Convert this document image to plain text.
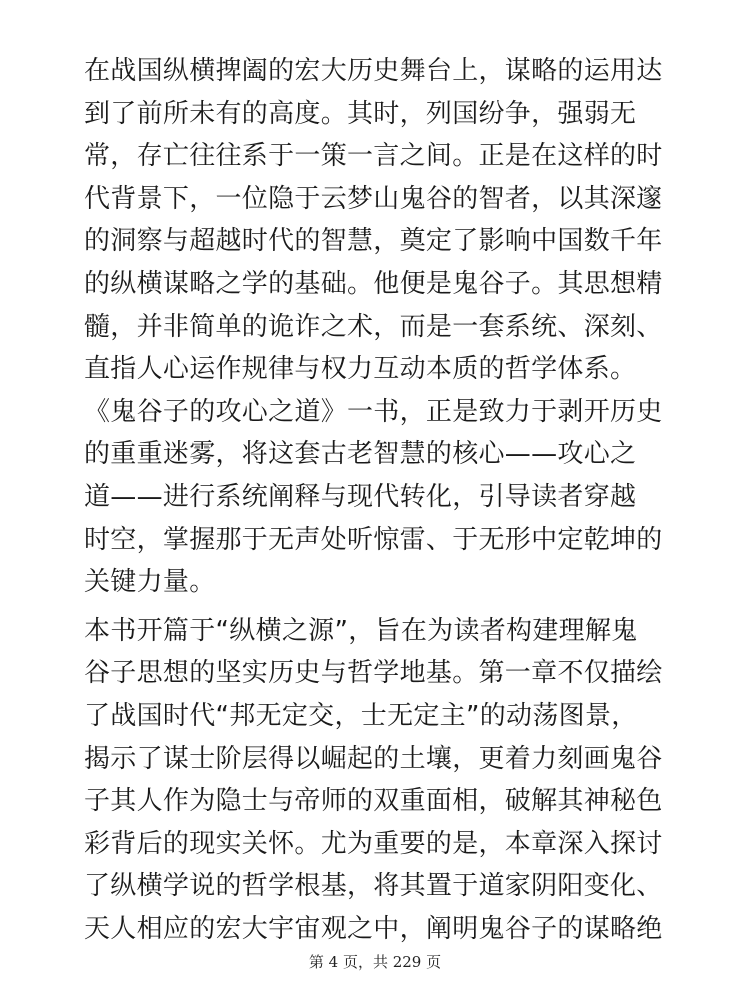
在战国纵横捭阖的宏大历史舞台上，谋略的运用达
到了前所未有的高度。其时，列国纷争，强弱无
常，存亡往往系于一策一言之间。正是在这样的时
代背景下，一位隐于云梦山鬼谷的智者，以其深邃
的洞察与超越时代的智慧，奠定了影响中国数千年
的纵横谋略之学的基础。他便是鬼谷子。其思想精
髓，并非简单的诡诈之术，而是一套系统、深刻、
直指人心运作规律与权力互动本质的哲学体系。
《鬼谷子的攻心之道》一书，正是致力于剥开历史
的重重迷雾，将这套古老智慧的核心——攻心之
道——进行系统阐释与现代转化，引导读者穿越
时空，掌握那于无声处听惊雷、于无形中定乾坤的
关键力量。
本书开篇于“纵横之源”，旨在为读者构建理解鬼
谷子思想的坚实历史与哲学地基。第一章不仅描绘
了战国时代“邦无定交，士无定主”的动荡图景，
揭示了谋士阶层得以崛起的土壤，更着力刻画鬼谷
子其人作为隐士与帝师的双重面相，破解其神秘色
彩背后的现实关怀。尤为重要的是，本章深入探讨
了纵横学说的哲学根基，将其置于道家阴阳变化、
天人相应的宏大宇宙观之中，阐明鬼谷子的谋略绝
第 4 页，共 229 页
